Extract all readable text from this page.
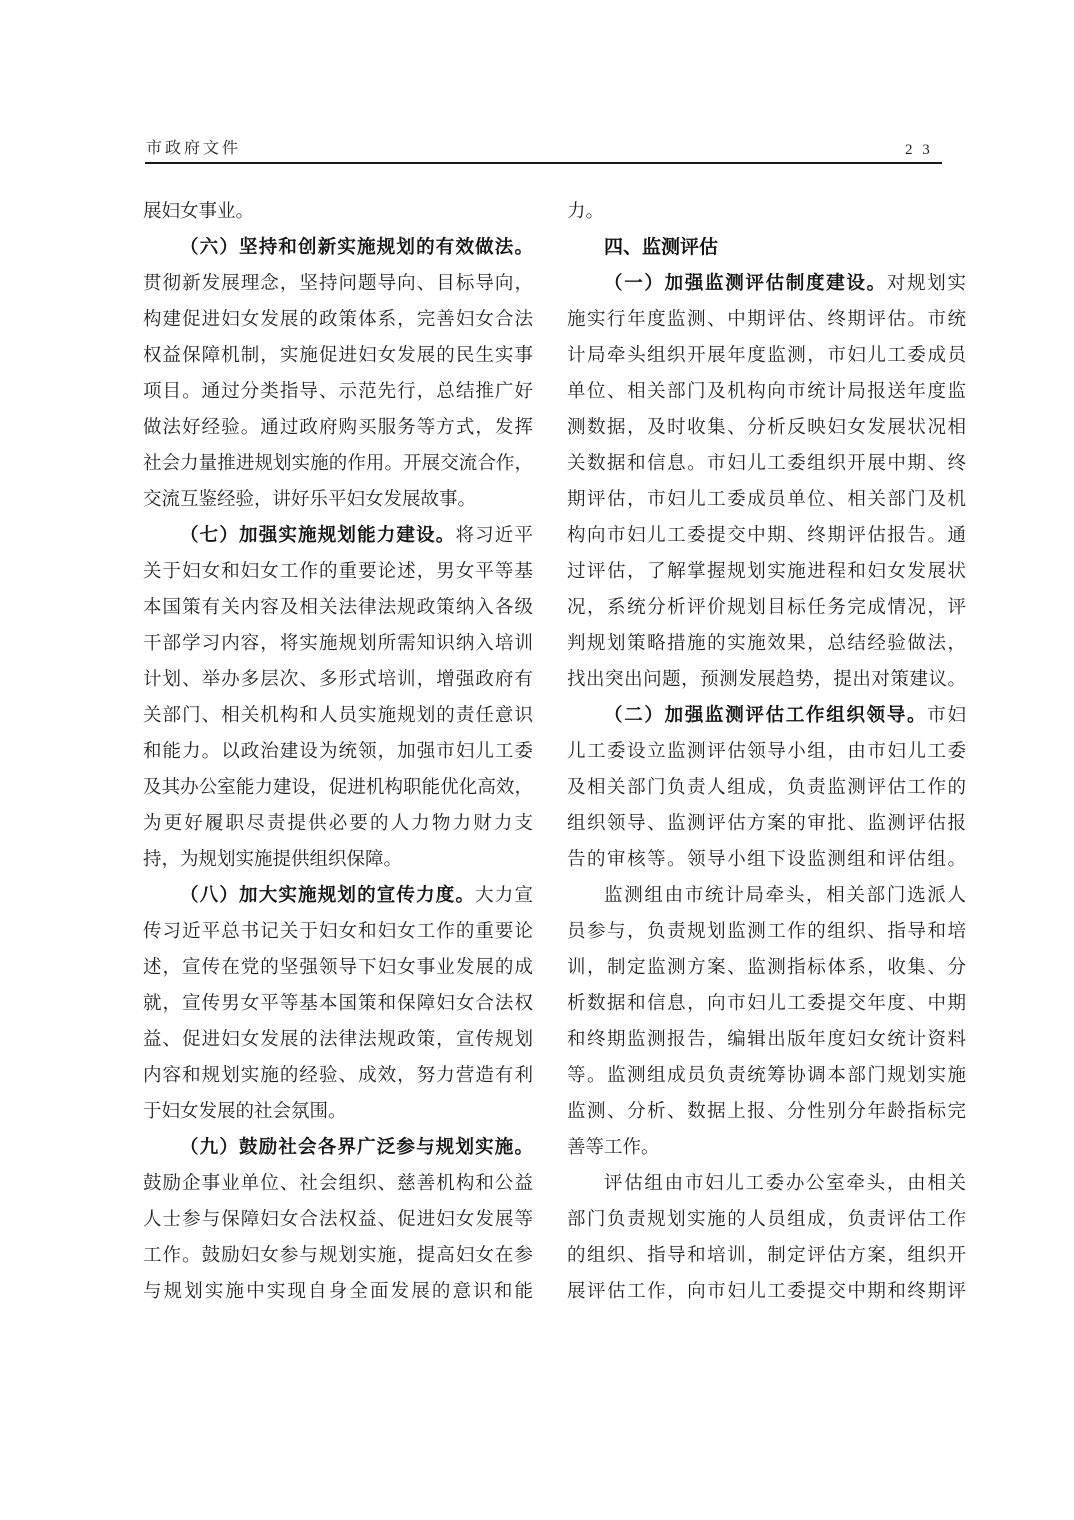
市政府文件	2 3
展妇女事业。
（六）坚持和创新实施规划的有效做法。
贯彻新发展理念，坚持问题导向、目标导向，
构建促进妇女发展的政策体系，完善妇女合法
权益保障机制，实施促进妇女发展的民生实事
项目。通过分类指导、示范先行，总结推广好
做法好经验。通过政府购买服务等方式，发挥
社会力量推进规划实施的作用。开展交流合作，
交流互鉴经验，讲好乐平妇女发展故事。
（七）加强实施规划能力建设。将习近平
关于妇女和妇女工作的重要论述，男女平等基
本国策有关内容及相关法律法规政策纳入各级
干部学习内容，将实施规划所需知识纳入培训
计划、举办多层次、多形式培训，增强政府有
关部门、相关机构和人员实施规划的责任意识
和能力。以政治建设为统领，加强市妇儿工委
及其办公室能力建设，促进机构职能优化高效，
为更好履职尽责提供必要的人力物力财力支
持，为规划实施提供组织保障。
（八）加大实施规划的宣传力度。大力宣
传习近平总书记关于妇女和妇女工作的重要论
述，宣传在党的坚强领导下妇女事业发展的成
就，宣传男女平等基本国策和保障妇女合法权
益、促进妇女发展的法律法规政策，宣传规划
内容和规划实施的经验、成效，努力营造有利
于妇女发展的社会氛围。
（九）鼓励社会各界广泛参与规划实施。
鼓励企事业单位、社会组织、慈善机构和公益
人士参与保障妇女合法权益、促进妇女发展等
工作。鼓励妇女参与规划实施，提高妇女在参
与规划实施中实现自身全面发展的意识和能
力。
四、监测评估
（一）加强监测评估制度建设。对规划实
施实行年度监测、中期评估、终期评估。市统
计局牵头组织开展年度监测，市妇儿工委成员
单位、相关部门及机构向市统计局报送年度监
测数据，及时收集、分析反映妇女发展状况相
关数据和信息。市妇儿工委组织开展中期、终
期评估，市妇儿工委成员单位、相关部门及机
构向市妇儿工委提交中期、终期评估报告。通
过评估，了解掌握规划实施进程和妇女发展状
况，系统分析评价规划目标任务完成情况，评
判规划策略措施的实施效果，总结经验做法，
找出突出问题，预测发展趋势，提出对策建议。
（二）加强监测评估工作组织领导。市妇
儿工委设立监测评估领导小组，由市妇儿工委
及相关部门负责人组成，负责监测评估工作的
组织领导、监测评估方案的审批、监测评估报
告的审核等。领导小组下设监测组和评估组。
监测组由市统计局牵头，相关部门选派人
员参与，负责规划监测工作的组织、指导和培
训，制定监测方案、监测指标体系，收集、分
析数据和信息，向市妇儿工委提交年度、中期
和终期监测报告，编辑出版年度妇女统计资料
等。监测组成员负责统筹协调本部门规划实施
监测、分析、数据上报、分性别分年龄指标完
善等工作。
评估组由市妇儿工委办公室牵头，由相关
部门负责规划实施的人员组成，负责评估工作
的组织、指导和培训，制定评估方案，组织开
展评估工作，向市妇儿工委提交中期和终期评
